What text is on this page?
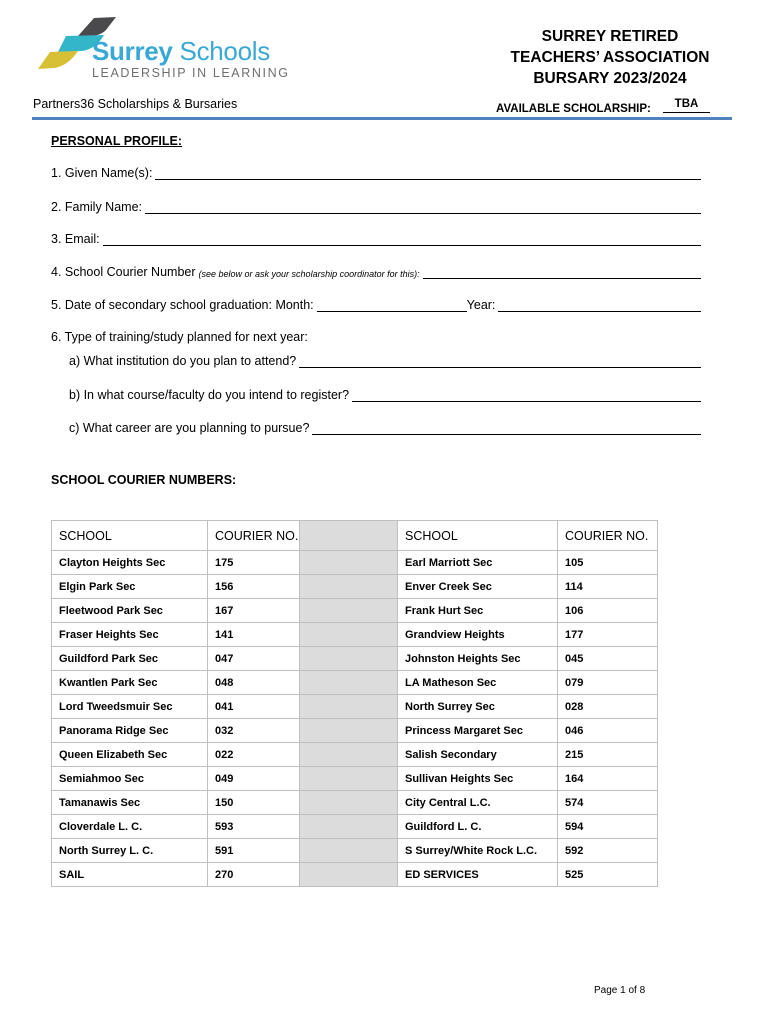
Surrey Schools
LEADERSHIP IN LEARNING
SURREY RETIRED
TEACHERS’ ASSOCIATION
BURSARY 2023/2024
Partners36 Scholarships & Bursaries	AVAILABLE SCHOLARSHIP:	TBA
PERSONAL PROFILE:
1. Given Name(s):
2. Family Name:
3. Email:
4. School Courier Number (see below or ask your scholarship coordinator for this):
5. Date of secondary school graduation: Month:	Year:
6. Type of training/study planned for next year:
a) What institution do you plan to attend?
b) In what course/faculty do you intend to register?
c) What career are you planning to pursue?
SCHOOL COURIER NUMBERS:
SCHOOL	COURIER NO.		SCHOOL	COURIER NO.
Clayton Heights Sec	175		Earl Marriott Sec	105
Elgin Park Sec	156		Enver Creek Sec	114
Fleetwood Park Sec	167		Frank Hurt Sec	106
Fraser Heights Sec	141		Grandview Heights	177
Guildford Park Sec	047		Johnston Heights Sec	045
Kwantlen Park Sec	048		LA Matheson Sec	079
Lord Tweedsmuir Sec	041		North Surrey Sec	028
Panorama Ridge Sec	032		Princess Margaret Sec	046
Queen Elizabeth Sec	022		Salish Secondary	215
Semiahmoo Sec	049		Sullivan Heights Sec	164
Tamanawis Sec	150		City Central L.C.	574
Cloverdale L. C.	593		Guildford L. C.	594
North Surrey L. C.	591		S Surrey/White Rock L.C.	592
SAIL	270		ED SERVICES	525
Page 1 of 8
